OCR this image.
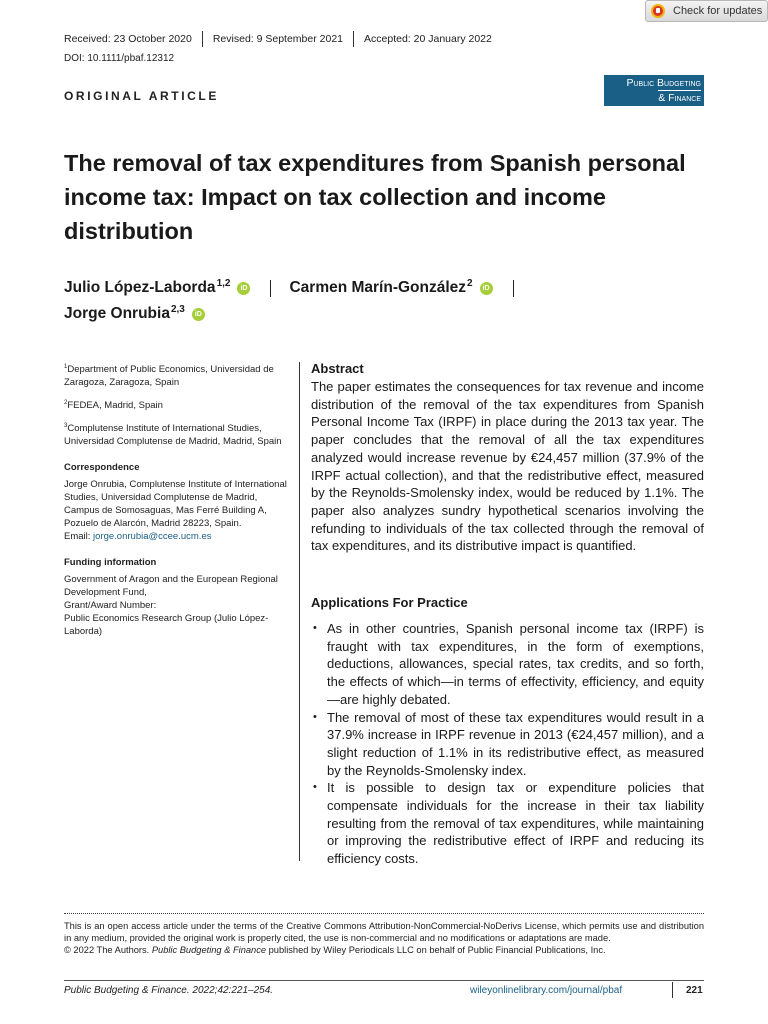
Check for updates
Received: 23 October 2020 Revised: 9 September 2021 Accepted: 20 January 2022
DOI: 10.1111/pbaf.12312
ORIGINAL ARTICLE
Public Budgeting
& Finance
The removal of tax expenditures from Spanish personal income tax: Impact on tax collection and income distribution
Julio López-Laborda$^{1,2}$	iD	Carmen Marín-González$^2$	iD
Jorge Onrubia$^{2,3}$	iD
$^1$Department of Public Economics, Universidad de Zaragoza, Zaragoza, Spain
$^2$FEDEA, Madrid, Spain
$^3$Complutense Institute of International Studies, Universidad Complutense de Madrid, Madrid, Spain
Correspondence
Jorge Onrubia, Complutense Institute of International Studies, Universidad Complutense de Madrid, Campus de Somosaguas, Mas Ferré Building A, Pozuelo de Alarcón, Madrid 28223, Spain.
Email: jorge.onrubia@ccee.ucm.es
Funding information
Government of Aragon and the European Regional Development Fund,
Grant/Award Number:
Public Economics Research Group (Julio López-Laborda)
Abstract
The paper estimates the consequences for tax revenue and income distribution of the removal of the tax expenditures from Spanish Personal Income Tax (IRPF) in place during the 2013 tax year. The paper concludes that the removal of all the tax expenditures analyzed would increase revenue by €24,457 million (37.9% of the IRPF actual collection), and that the redistributive effect, measured by the Reynolds-Smolensky index, would be reduced by 1.1%. The paper also analyzes sundry hypothetical scenarios involving the refunding to individuals of the tax collected through the removal of tax expenditures, and its distributive impact is quantified.
Applications For Practice
• As in other countries, Spanish personal income tax (IRPF) is fraught with tax expenditures, in the form of exemptions, deductions, allowances, special rates, tax credits, and so forth, the effects of which—in terms of effectivity, efficiency, and equity—are highly debated.
• The removal of most of these tax expenditures would result in a 37.9% increase in IRPF revenue in 2013 (€24,457 million), and a slight reduction of 1.1% in its redistributive effect, as measured by the Reynolds-Smolensky index.
• It is possible to design tax or expenditure policies that compensate individuals for the increase in their tax liability resulting from the removal of tax expenditures, while maintaining or improving the redistributive effect of IRPF and reducing its efficiency costs.
This is an open access article under the terms of the Creative Commons Attribution-NonCommercial-NoDerivs License, which permits use and distribution in any medium, provided the original work is properly cited, the use is non-commercial and no modifications or adaptations are made.
© 2022 The Authors. Public Budgeting & Finance published by Wiley Periodicals LLC on behalf of Public Financial Publications, Inc.
Public Budgeting & Finance. 2022;42:221–254.	wileyonlinelibrary.com/journal/pbaf	221
